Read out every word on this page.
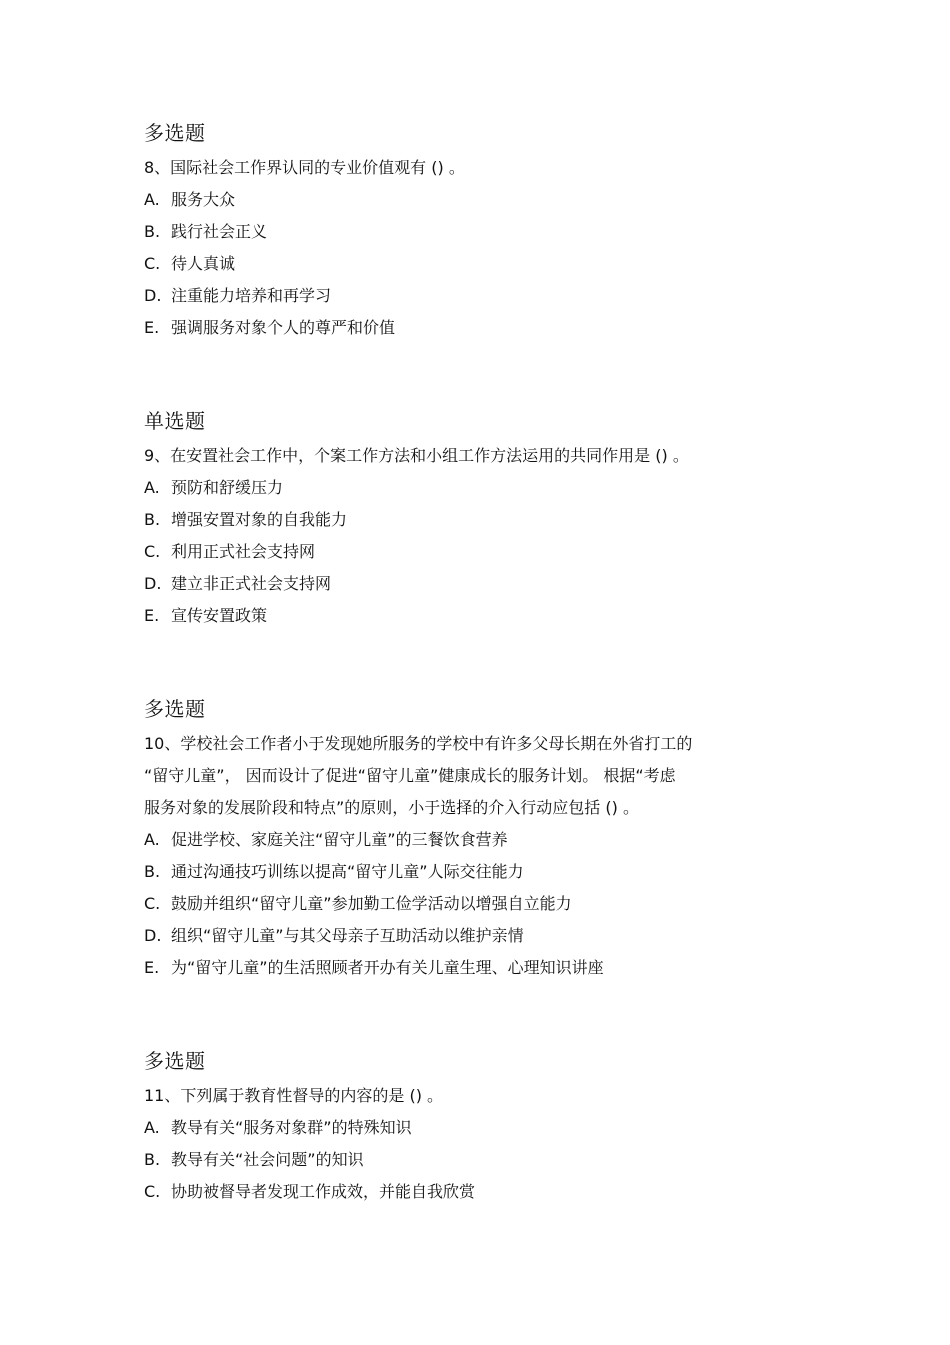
多选题
8、国际社会工作界认同的专业价值观有 () 。
A. 服务大众
B. 践行社会正义
C. 待人真诚
D. 注重能力培养和再学习
E. 强调服务对象个人的尊严和价值
单选题
9、在安置社会工作中，个案工作方法和小组工作方法运用的共同作用是 () 。
A. 预防和舒缓压力
B. 增强安置对象的自我能力
C. 利用正式社会支持网
D. 建立非正式社会支持网
E. 宣传安置政策
多选题
10、学校社会工作者小于发现她所服务的学校中有许多父母长期在外省打工的
“留守儿童”， 因而设计了促进“留守儿童”健康成长的服务计划。 根据“考虑
服务对象的发展阶段和特点”的原则，小于选择的介入行动应包括 () 。
A. 促进学校、家庭关注“留守儿童”的三餐饮食营养
B. 通过沟通技巧训练以提高“留守儿童”人际交往能力
C. 鼓励并组织“留守儿童”参加勤工俭学活动以增强自立能力
D. 组织“留守儿童”与其父母亲子互助活动以维护亲情
E. 为“留守儿童”的生活照顾者开办有关儿童生理、心理知识讲座
多选题
11、下列属于教育性督导的内容的是 () 。
A. 教导有关“服务对象群”的特殊知识
B. 教导有关“社会问题”的知识
C. 协助被督导者发现工作成效，并能自我欣赏
